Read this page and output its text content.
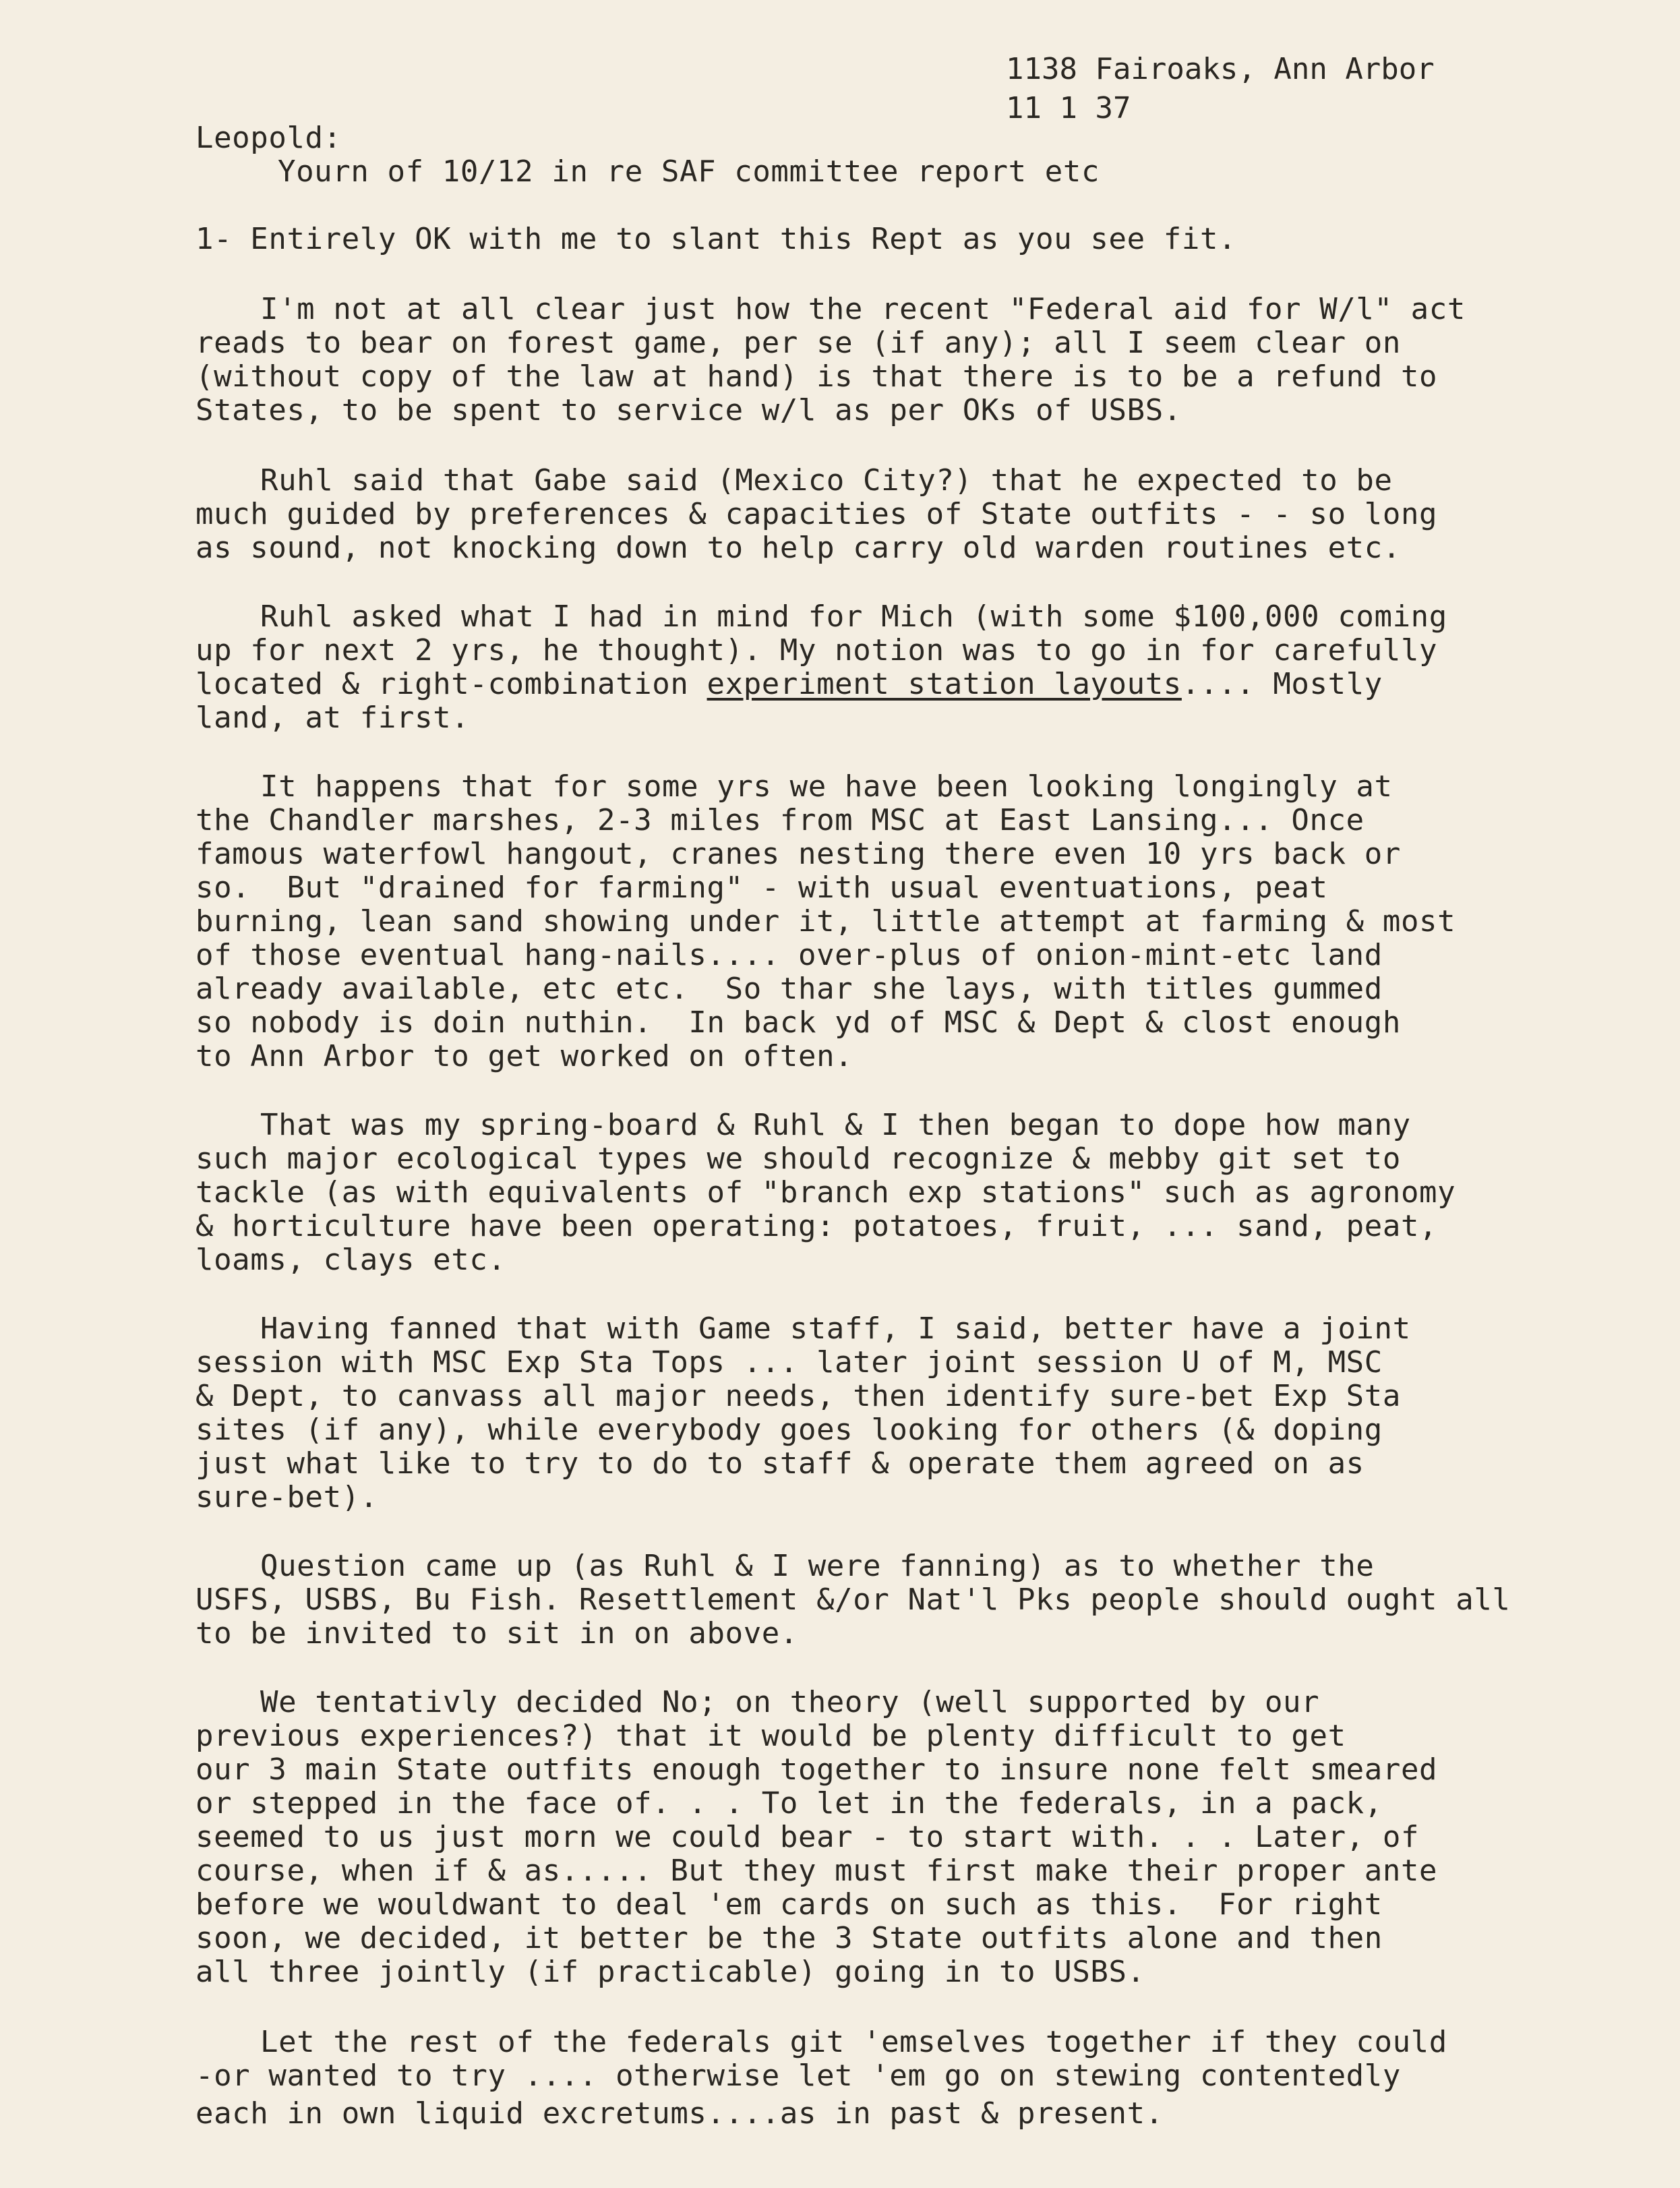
1138 Fairoaks, Ann Arbor
11 1 37
Leopold:
Yourn of 10/12 in re SAF committee report etc
1- Entirely OK with me to slant this Rept as you see fit.
I'm not at all clear just how the recent "Federal aid for W/l" act
reads to bear on forest game, per se (if any); all I seem clear on
(without copy of the law at hand) is that there is to be a refund to
States, to be spent to service w/l as per OKs of USBS.
Ruhl said that Gabe said (Mexico City?) that he expected to be
much guided by preferences & capacities of State outfits - - so long
as sound, not knocking down to help carry old warden routines etc.
Ruhl asked what I had in mind for Mich (with some $100,000 coming
up for next 2 yrs, he thought). My notion was to go in for carefully
located & right-combination experiment station layouts.... Mostly
land, at first.
It happens that for some yrs we have been looking longingly at
the Chandler marshes, 2-3 miles from MSC at East Lansing... Once
famous waterfowl hangout, cranes nesting there even 10 yrs back or
so.  But "drained for farming" - with usual eventuations, peat
burning, lean sand showing under it, little attempt at farming & most
of those eventual hang-nails.... over-plus of onion-mint-etc land
already available, etc etc.  So thar she lays, with titles gummed
so nobody is doin nuthin.  In back yd of MSC & Dept & clost enough
to Ann Arbor to get worked on often.
That was my spring-board & Ruhl & I then began to dope how many
such major ecological types we should recognize & mebby git set to
tackle (as with equivalents of "branch exp stations" such as agronomy
& horticulture have been operating: potatoes, fruit, ... sand, peat,
loams, clays etc.
Having fanned that with Game staff, I said, better have a joint
session with MSC Exp Sta Tops ... later joint session U of M, MSC
& Dept, to canvass all major needs, then identify sure-bet Exp Sta
sites (if any), while everybody goes looking for others (& doping
just what like to try to do to staff & operate them agreed on as
sure-bet).
Question came up (as Ruhl & I were fanning) as to whether the
USFS, USBS, Bu Fish. Resettlement &/or Nat'l Pks people should ought all
to be invited to sit in on above.
We tentativly decided No; on theory (well supported by our
previous experiences?) that it would be plenty difficult to get
our 3 main State outfits enough together to insure none felt smeared
or stepped in the face of. . . To let in the federals, in a pack,
seemed to us just morn we could bear - to start with. . . Later, of
course, when if & as..... But they must first make their proper ante
before we wouldwant to deal 'em cards on such as this.  For right
soon, we decided, it better be the 3 State outfits alone and then
all three jointly (if practicable) going in to USBS.
Let the rest of the federals git 'emselves together if they could
-or wanted to try .... otherwise let 'em go on stewing contentedly
each in own liquid excretums....as in past & present.
